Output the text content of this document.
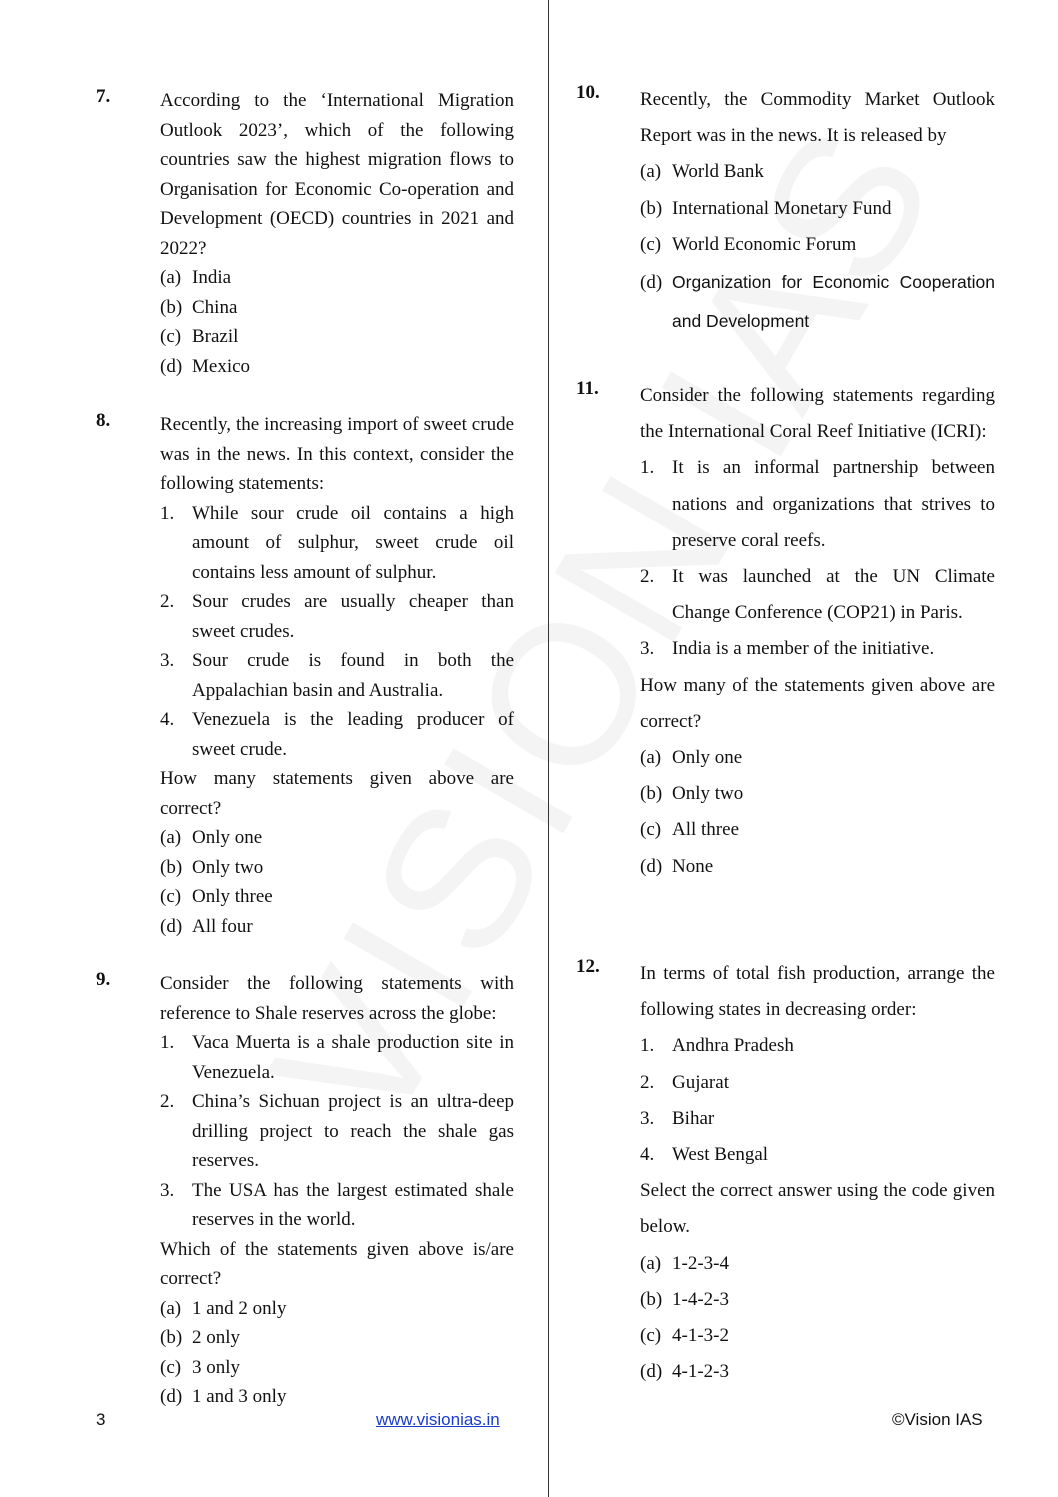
7.	According to the ‘International Migration Outlook 2023’, which of the following countries saw the highest migration flows to Organisation for Economic Co-operation and Development (OECD) countries in 2021 and 2022?
(a) India
(b) China
(c) Brazil
(d) Mexico
8.	Recently, the increasing import of sweet crude was in the news. In this context, consider the following statements:
1. While sour crude oil contains a high amount of sulphur, sweet crude oil contains less amount of sulphur.
2. Sour crudes are usually cheaper than sweet crudes.
3. Sour crude is found in both the Appalachian basin and Australia.
4. Venezuela is the leading producer of sweet crude.
How many statements given above are correct?
(a) Only one
(b) Only two
(c) Only three
(d) All four
9.	Consider the following statements with reference to Shale reserves across the globe:
1. Vaca Muerta is a shale production site in Venezuela.
2. China’s Sichuan project is an ultra-deep drilling project to reach the shale gas reserves.
3. The USA has the largest estimated shale reserves in the world.
Which of the statements given above is/are correct?
(a) 1 and 2 only
(b) 2 only
(c) 3 only
(d) 1 and 3 only
10. Recently, the Commodity Market Outlook Report was in the news. It is released by
(a) World Bank
(b) International Monetary Fund
(c) World Economic Forum
(d) Organization for Economic Cooperation and Development
11. Consider the following statements regarding the International Coral Reef Initiative (ICRI):
1. It is an informal partnership between nations and organizations that strives to preserve coral reefs.
2. It was launched at the UN Climate Change Conference (COP21) in Paris.
3. India is a member of the initiative.
How many of the statements given above are correct?
(a) Only one
(b) Only two
(c) All three
(d) None
12. In terms of total fish production, arrange the following states in decreasing order:
1. Andhra Pradesh
2. Gujarat
3. Bihar
4. West Bengal
Select the correct answer using the code given below.
(a) 1-2-3-4
(b) 1-4-2-3
(c) 4-1-3-2
(d) 4-1-2-3
3	www.visionias.in	©Vision IAS
